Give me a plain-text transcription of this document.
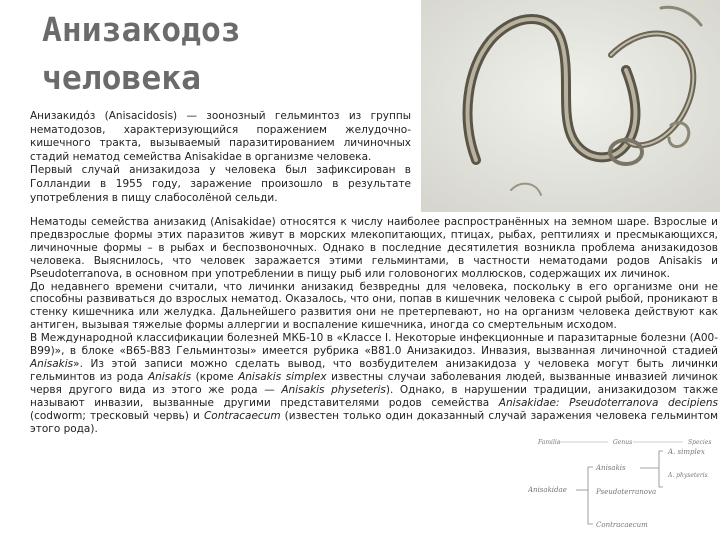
Анизакодоз
человека

Анизакидо́з (Anisacidosis) — зоонозный гельминтоз из группы нематодозов, характеризующийся поражением желудочно-кишечного тракта, вызываемый паразитированием личиночных стадий нематод семейства Anisakidae в организме человека.

Первый случай анизакидоза у человека был зафиксирован в Голландии в 1955 году, заражение произошло в результате употребления в пищу слабосолёной сельди.

Нематоды семейства анизакид (Anisakidae) относятся к числу наиболее распространённых на земном шаре. Взрослые и предвзрослые формы этих паразитов живут в морских млекопитающих, птицах, рыбах, рептилиях и пресмыкающихся, личиночные формы – в рыбах и беспозвоночных. Однако в последние десятилетия возникла проблема анизакидозов человека. Выяснилось, что человек заражается этими гельминтами, в частности нематодами родов Anisakis и Pseudoterranova, в основном при употреблении в пищу рыб или головоногих моллюсков, содержащих их личинок.

До недавнего времени считали, что личинки анизакид безвредны для человека, поскольку в его организме они не способны развиваться до взрослых нематод. Оказалось, что они, попав в кишечник человека с сырой рыбой, проникают в стенку кишечника или желудка. Дальнейшего развития они не претерпевают, но на организм человека действуют как антиген, вызывая тяжелые формы аллергии и воспаление кишечника, иногда со смертельным исходом.

В Международной классификации болезней МКБ-10 в «Классе I. Некоторые инфекционные и паразитарные болезни (А00-В99)», в блоке «В65-В83 Гельминтозы» имеется рубрика «В81.0 Анизакидоз. Инвазия, вызванная личиночной стадией Anisakis». Из этой записи можно сделать вывод, что возбудителем анизакидоза у человека могут быть личинки гельминтов из рода Anisakis (кроме Anisakis simplex известны случаи заболевания людей, вызванные инвазией личинок червя другого вида из этого же рода — Anisakis physeteris). Однако, в нарушении традиции, анизакидозом также называют инвазии, вызванные другими представителями родов семейства Anisakidae: Pseudoterranova decipiens (codworm; тресковый червь) и Contracaecum (известен только один доказанный случай заражения человека гельминтом этого рода).

Familia	Genus	Species
Anisakidae
Anisakis
Pseudoterranova
Contracaecum
A. simplex
A. physeteris
